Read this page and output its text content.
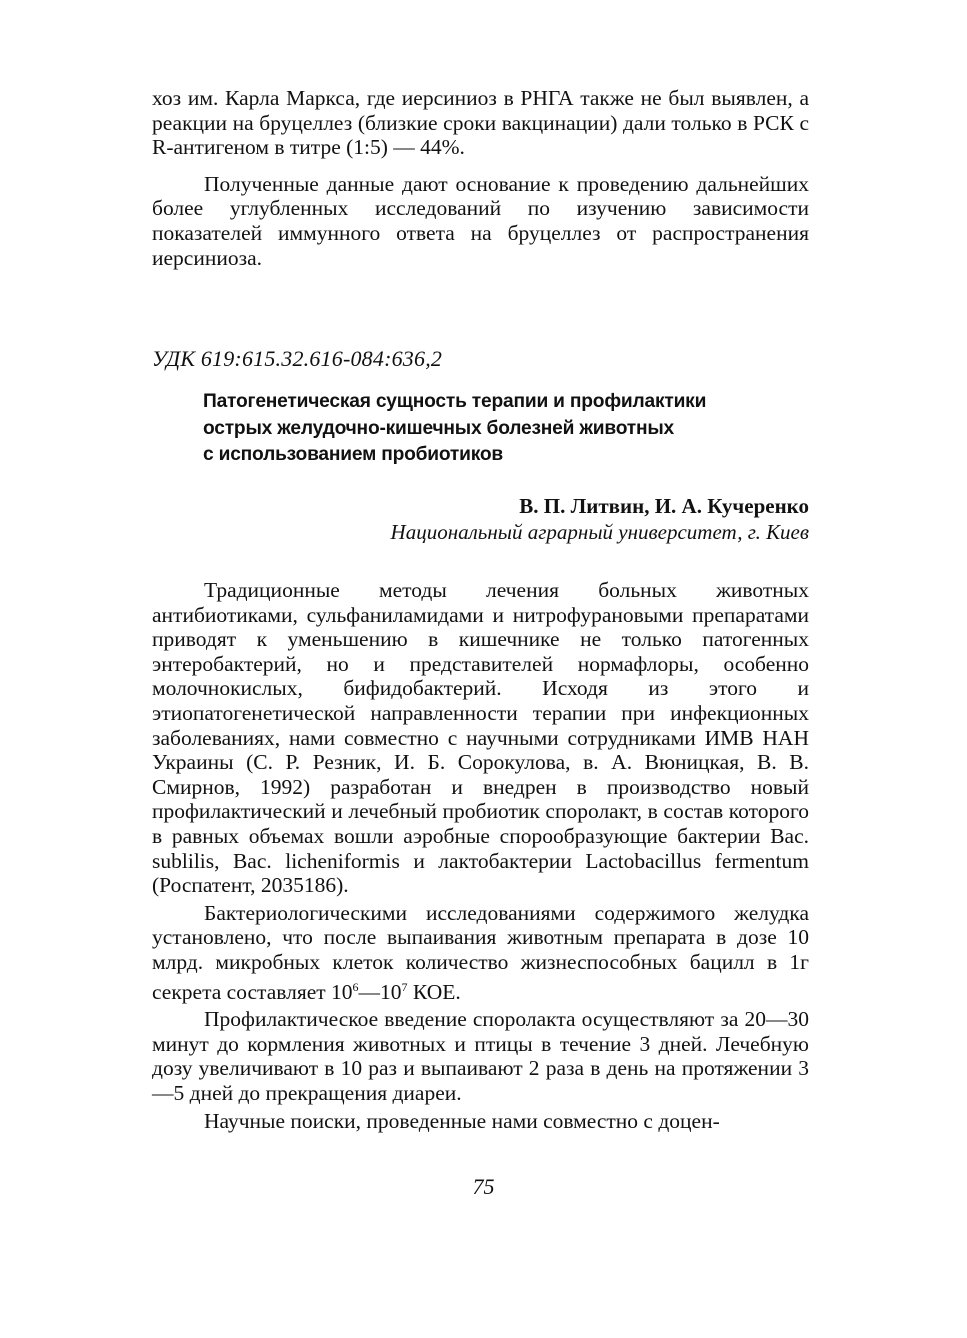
хоз им. Карла Маркса, где иерсиниоз в РНГА также не был выявлен, а реакции на бруцеллез (близкие сроки вакцинации) дали только в РСК с R-антигеном в титре (1:5) — 44%.

Полученные данные дают основание к проведению дальнейших более углубленных исследований по изучению зависимости показателей иммунного ответа на бруцеллез от распространения иерсиниоза.

УДК 619:615.32.616-084:636,2
Патогенетическая сущность терапии и профилактики
острых желудочно-кишечных болезней животных
с использованием пробиотиков
В. П. Литвин, И. А. Кучеренко
Национальный аграрный университет, г. Киев

Традиционные методы лечения больных животных антибиотиками, сульфаниламидами и нитрофурановыми препаратами приводят к уменьшению в кишечнике не только патогенных энтеробактерий, но и представителей нормафлоры, особенно молочнокислых, бифидобактерий. Исходя из этого и этиопатогенетической направленности терапии при инфекционных заболеваниях, нами совместно с научными сотрудниками ИМВ НАН Украины (С. Р. Резник, И. Б. Сорокулова, в. А. Вюницкая, В. В. Смирнов, 1992) разработан и внедрен в производство новый профилактический и лечебный пробиотик споролакт, в состав которого в равных объемах вошли аэробные спорообразующие бактерии Bac. sublilis, Bac. licheniformis и лактобактерии Lactobacillus fermentum (Роспатент, 2035186).

Бактериологическими исследованиями содержимого желудка установлено, что после выпаивания животным препарата в дозе 10 млрд. микробных клеток количество жизнеспособных бацилл в 1г секрета составляет $10^6—10^7$ КОЕ.

Профилактическое введение споролакта осуществляют за 20—30 минут до кормления животных и птицы в течение 3 дней. Лечебную дозу увеличивают в 10 раз и выпаивают 2 раза в день на протяжении 3—5 дней до прекращения диареи.

Научные поиски, проведенные нами совместно с доцен-

75
